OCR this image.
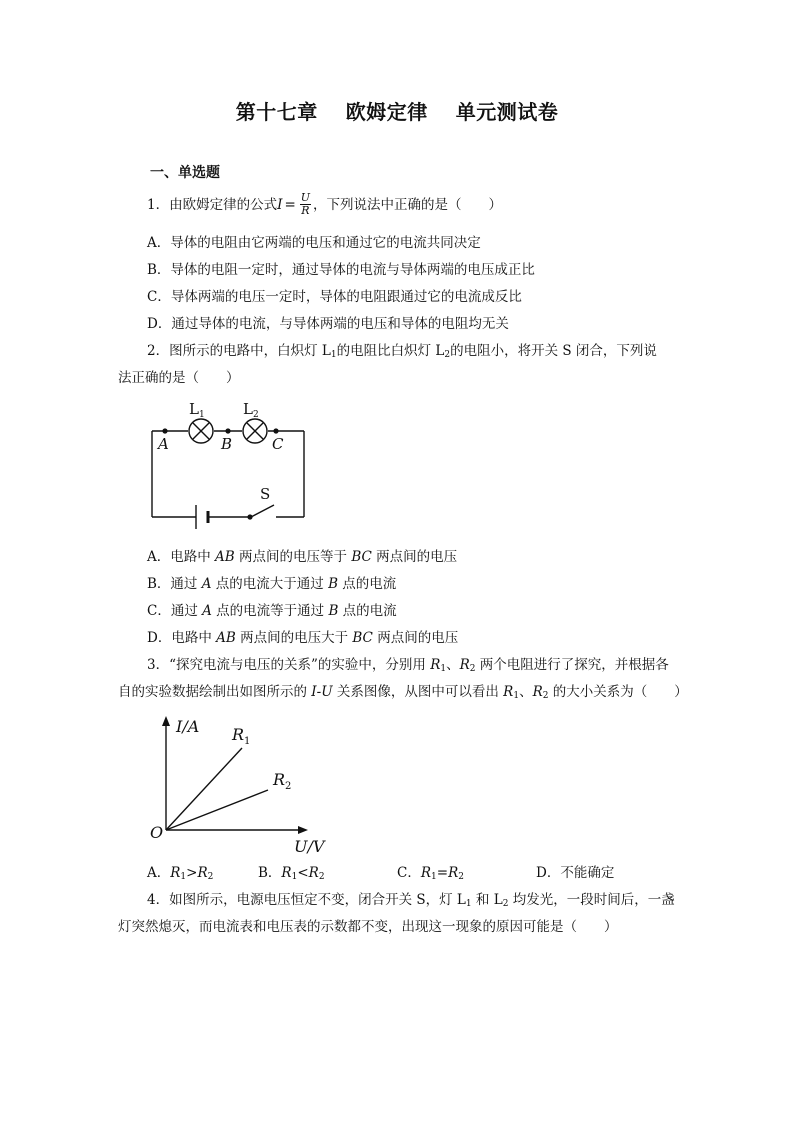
第十七章 欧姆定律 单元测试卷
一、单选题
1．由欧姆定律的公式 $I = \frac{U}{R}$ ，下列说法中正确的是（　　）
A．导体的电阻由它两端的电压和通过它的电流共同决定
B．导体的电阻一定时，通过导体的电流与导体两端的电压成正比
C．导体两端的电压一定时，导体的电阻跟通过它的电流成反比
D．通过导体的电流，与导体两端的电压和导体的电阻均无关
2．图所示的电路中，白炽灯 $L_1$的电阻比白炽灯 $L_2$的电阻小，将开关 S 闭合，下列说
法正确的是（　　）
$L_1$	$L_2$
A	B	C
S
A．电路中 AB 两点间的电压等于 BC 两点间的电压
B．通过 A 点的电流大于通过 B 点的电流
C．通过 A 点的电流等于通过 B 点的电流
D．电路中 AB 两点间的电压大于 BC 两点间的电压
3．“探究电流与电压的关系”的实验中，分别用 $R_1$、$R_2$ 两个电阻进行了探究，并根据各
自的实验数据绘制出如图所示的 I-U 关系图像，从图中可以看出 $R_1$、$R_2$ 的大小关系为（　　）
I/A
O
U/V
$R_1$
$R_2$
A．$R_1>R_2$	B．$R_1<R_2$	C．$R_1=R_2$	D．不能确定
4．如图所示，电源电压恒定不变，闭合开关 S，灯 $L_1$ 和 $L_2$ 均发光，一段时间后，一盏
灯突然熄灭，而电流表和电压表的示数都不变，出现这一现象的原因可能是（　　）
